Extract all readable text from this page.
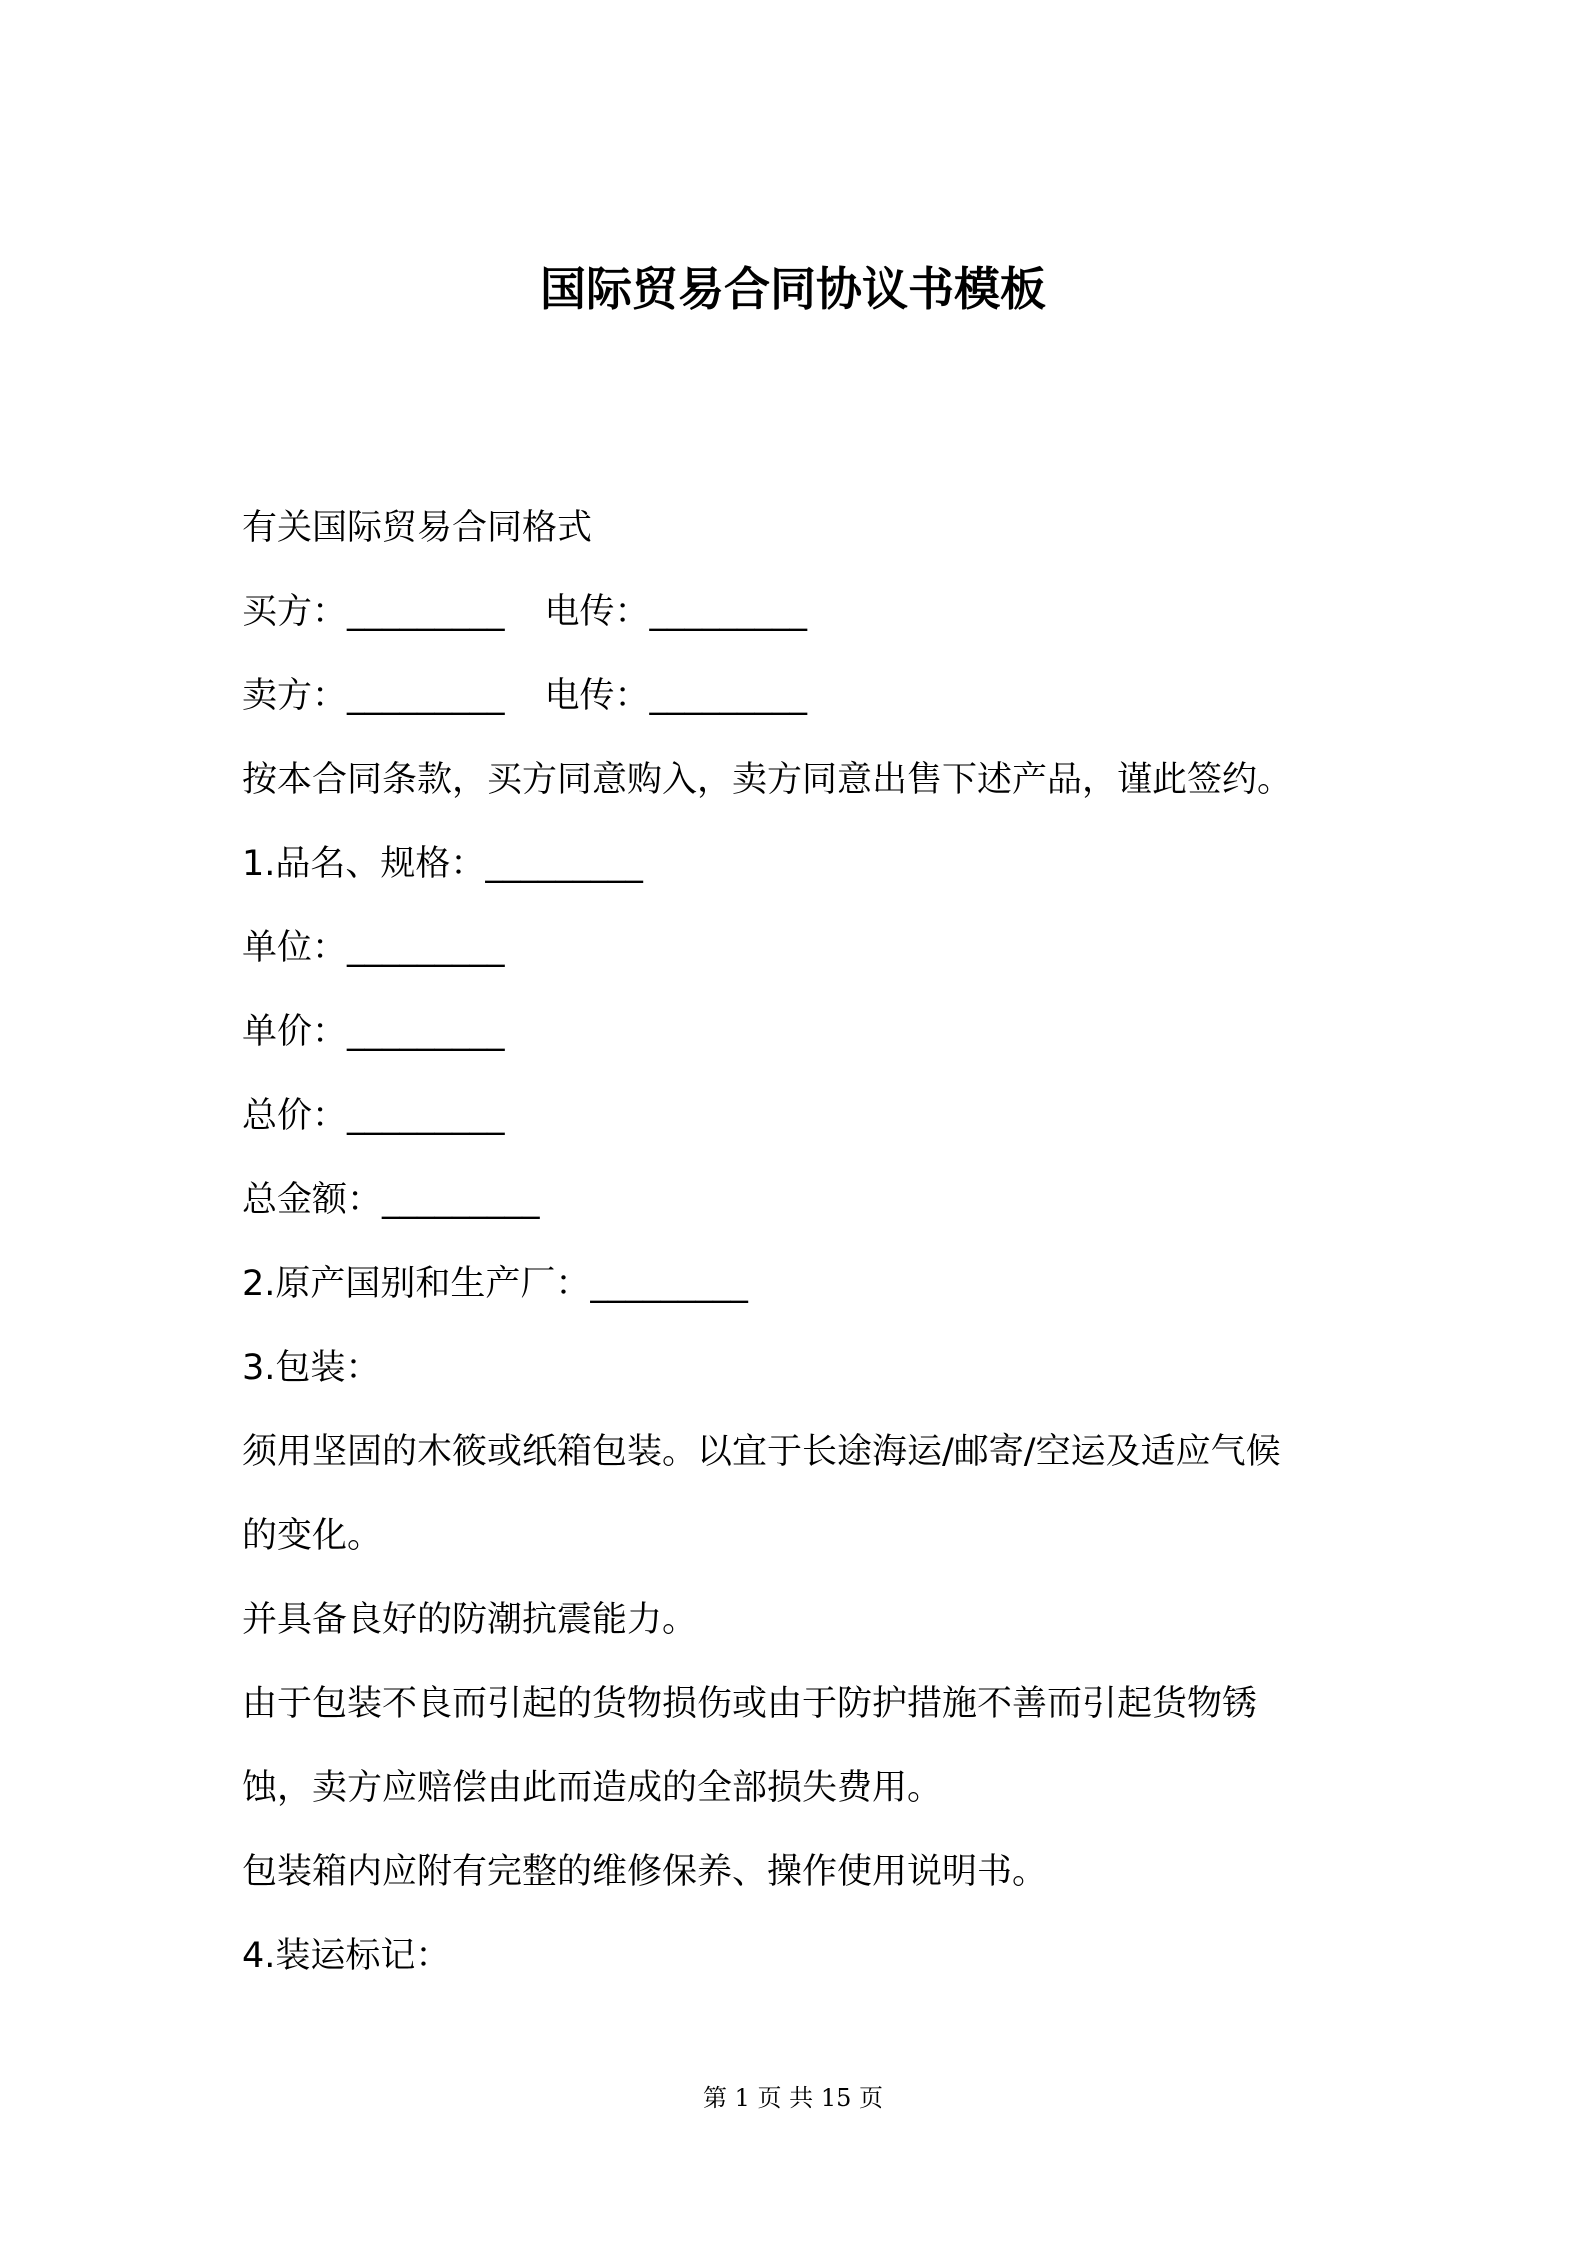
国际贸易合同协议书模板
有关国际贸易合同格式
买方：_________ 电传：_________
卖方：_________ 电传：_________
按本合同条款，买方同意购入，卖方同意出售下述产品，谨此签约。
1.品名、规格：_________
单位：_________
单价：_________
总价：_________
总金额：_________
2.原产国别和生产厂：_________
3.包装：
须用坚固的木筱或纸箱包装。以宜于长途海运/邮寄/空运及适应气候
的变化。
并具备良好的防潮抗震能力。
由于包装不良而引起的货物损伤或由于防护措施不善而引起货物锈
蚀，卖方应赔偿由此而造成的全部损失费用。
包装箱内应附有完整的维修保养、操作使用说明书。
4.装运标记：
第 1 页 共 15 页
